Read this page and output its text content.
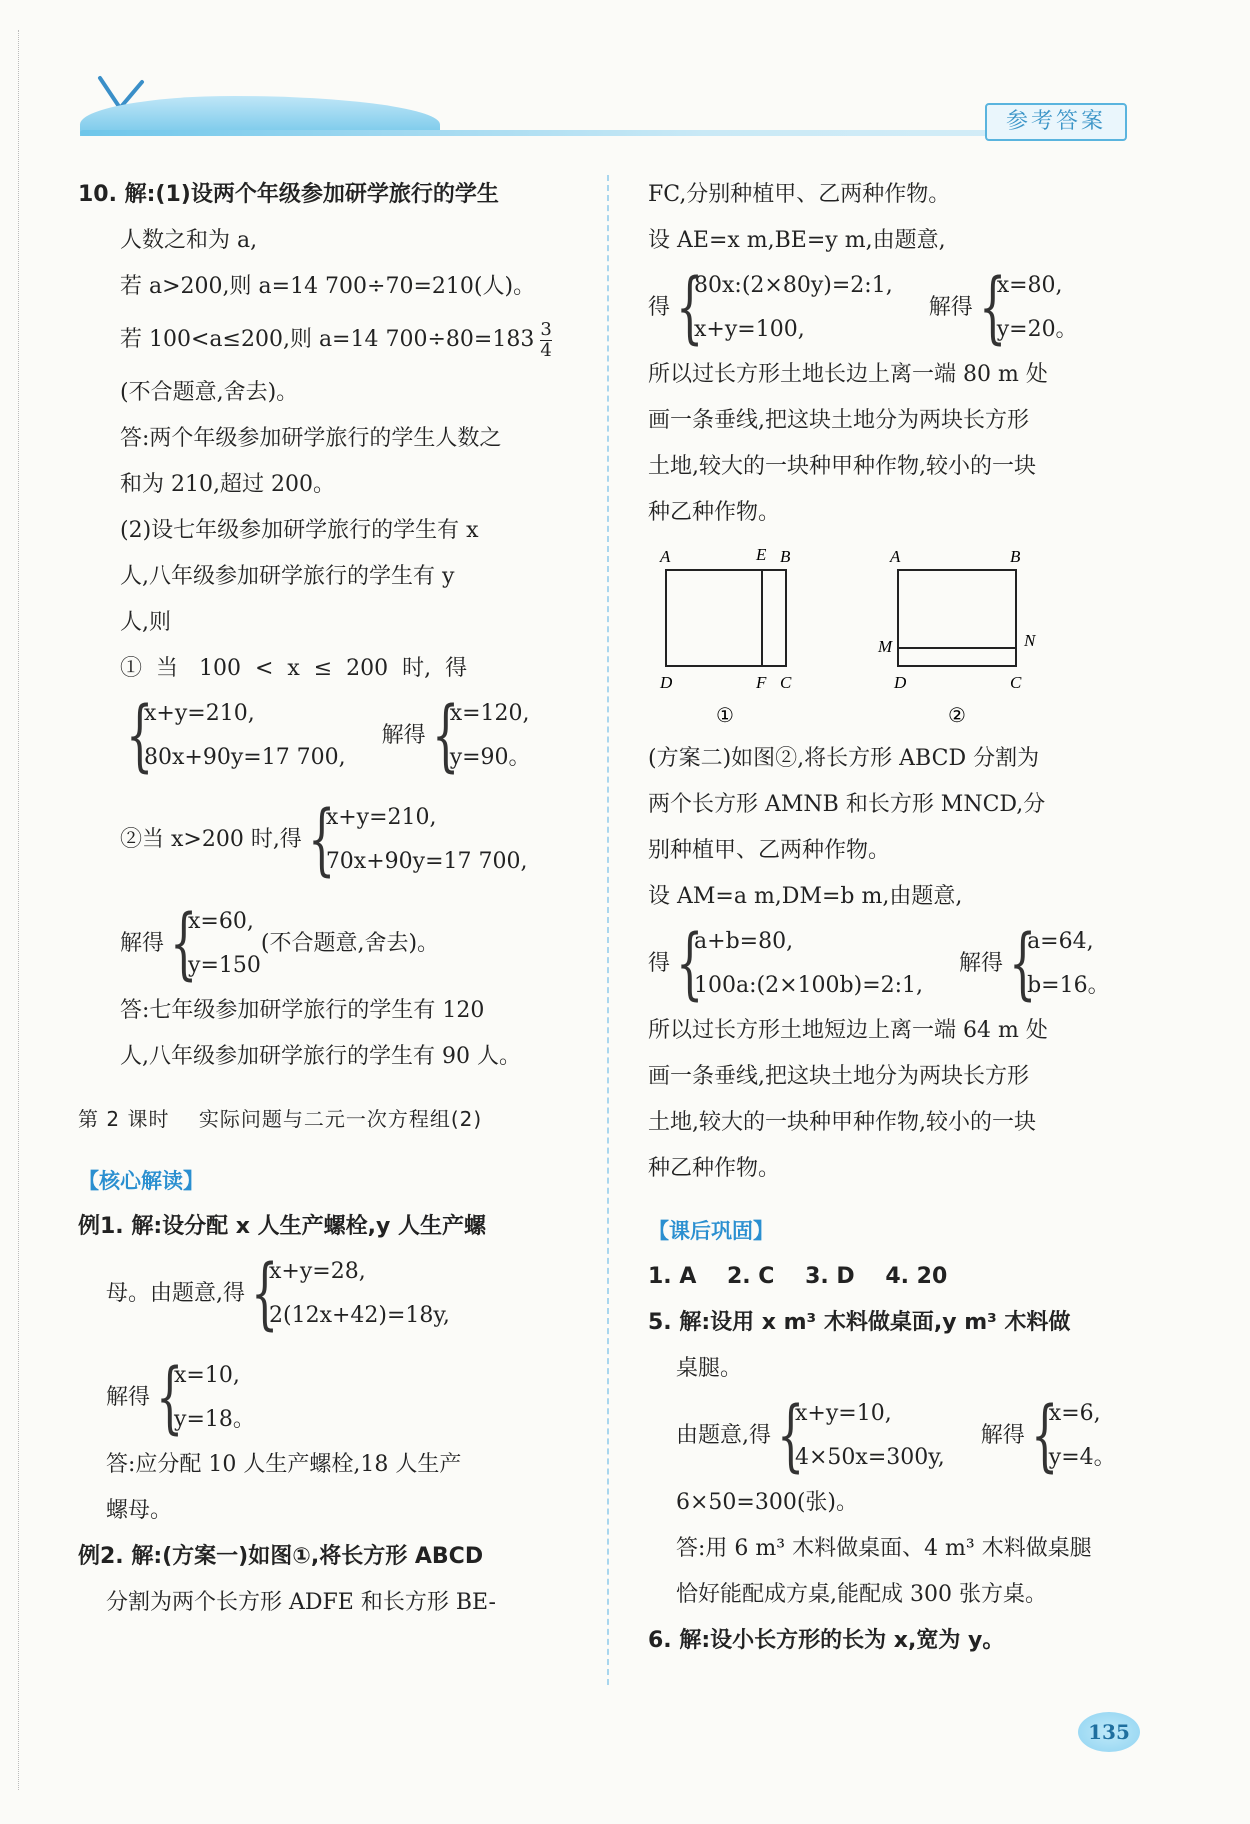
参考答案

10. 解:(1)设两个年级参加研学旅行的学生

人数之和为 a,

若 a>200,则 a=14 700÷70=210(人)。

若 100<a≤200,则 a=14 $700\div 80=183 \frac{3}{4}$

(不合题意,舍去)。

答:两个年级参加研学旅行的学生人数之

和为 210,超过 200。

(2)设七年级参加研学旅行的学生有 x

人,八年级参加研学旅行的学生有 y

人,则

①  当   100  <  x  ≤  200  时,  得

{
x+y=210,
80x+90y=17 700,
解得 {
x=120,
y=90。
②当 x>200 时,得 {
x+y=210,
70x+90y=17 700,
解得 {
x=60,
y=150
(不合题意,舍去)。

答:七年级参加研学旅行的学生有 120

人,八年级参加研学旅行的学生有 90 人。

第 2 课时    实际问题与二元一次方程组(2)

【核心解读】

例1. 解:设分配 x 人生产螺栓,y 人生产螺

母。由题意,得 {
x+y=28,
2(12x+42)=18y,
解得 {
x=10,
y=18。

答:应分配 10 人生产螺栓,18 人生产

螺母。

例2. 解:(方案一)如图①,将长方形 ABCD

分割为两个长方形 ADFE 和长方形 BE-

FC,分别种植甲、乙两种作物。

设 AE=x m,BE=y m,由题意,

得 {
80x:(2×80y)=2:1,
x+y=100,
解得 {
x=80,
y=20。

所以过长方形土地长边上离一端 80 m 处

画一条垂线,把这块土地分为两块长方形

土地,较大的一块种甲种作物,较小的一块

种乙种作物。

A	E B
D	F C
①
A	B
M	N
D	C
②

(方案二)如图②,将长方形 ABCD 分割为

两个长方形 AMNB 和长方形 MNCD,分

别种植甲、乙两种作物。

设 AM=a m,DM=b m,由题意,

得 {
a+b=80,
100a:(2×100b)=2:1,
解得 {
a=64,
b=16。

所以过长方形土地短边上离一端 64 m 处

画一条垂线,把这块土地分为两块长方形

土地,较大的一块种甲种作物,较小的一块

种乙种作物。

【课后巩固】

1. A    2. C    3. D    4. 20

5. 解:设用 x m³ 木料做桌面,y m³ 木料做

桌腿。

由题意,得 {
x+y=10,
4×50x=300y,
解得 {
x=6,
y=4。

6×50=300(张)。

答:用 6 m³ 木料做桌面、4 m³ 木料做桌腿

恰好能配成方桌,能配成 300 张方桌。

6. 解:设小长方形的长为 x,宽为 y。

135
